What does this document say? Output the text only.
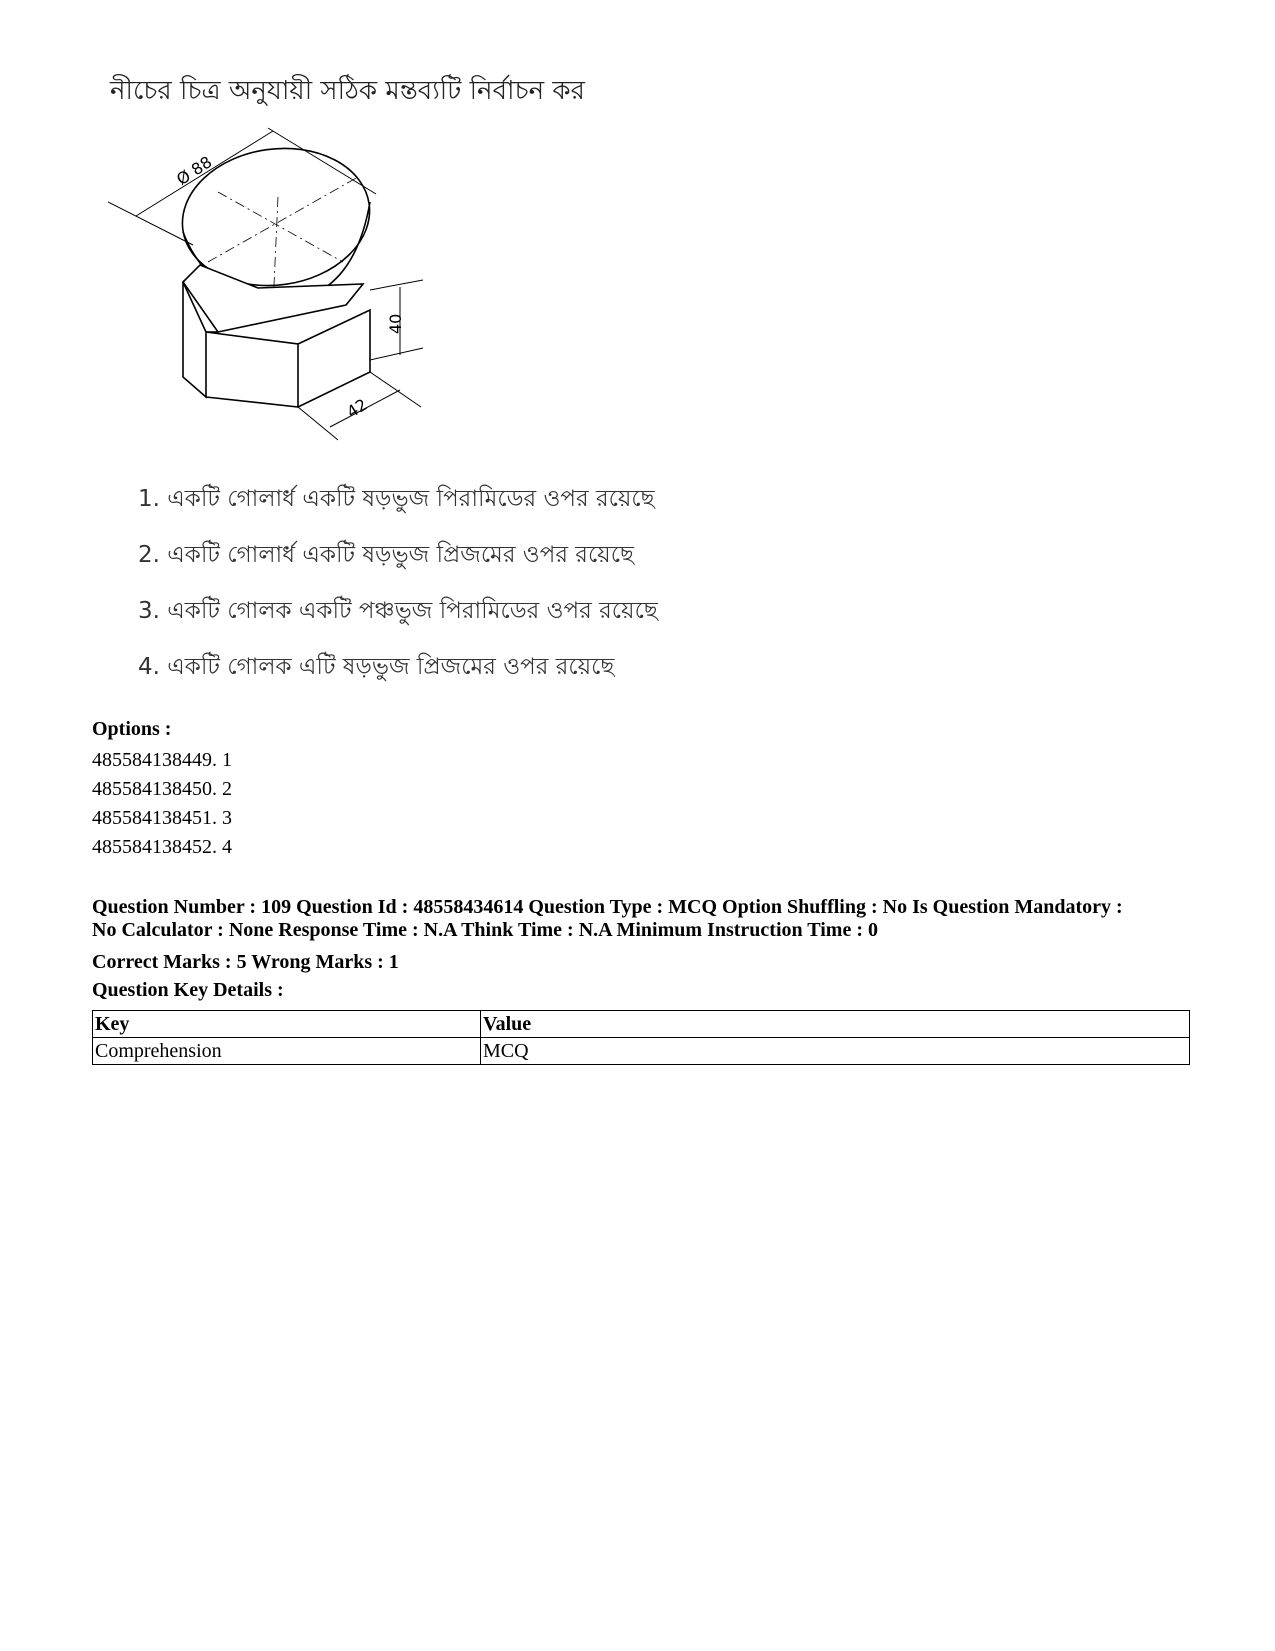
নীচের চিত্র অনুযায়ী সঠিক মন্তব্যটি নির্বাচন কর

Ø 88
40
42
1. একটি গোলার্ধ একটি ষড়ভুজ পিরামিডের ওপর রয়েছে
2. একটি গোলার্ধ একটি ষড়ভুজ প্রিজমের ওপর রয়েছে
3. একটি গোলক একটি পঞ্চভুজ পিরামিডের ওপর রয়েছে
4. একটি গোলক এটি ষড়ভুজ প্রিজমের ওপর রয়েছে

Options :

485584138449. 1

485584138450. 2

485584138451. 3

485584138452. 4

Question Number : 109 Question Id : 48558434614 Question Type : MCQ Option Shuffling : No Is Question Mandatory :
No Calculator : None Response Time : N.A Think Time : N.A Minimum Instruction Time : 0
Correct Marks : 5 Wrong Marks : 1
Question Key Details :
Key	Value
Comprehension	MCQ
